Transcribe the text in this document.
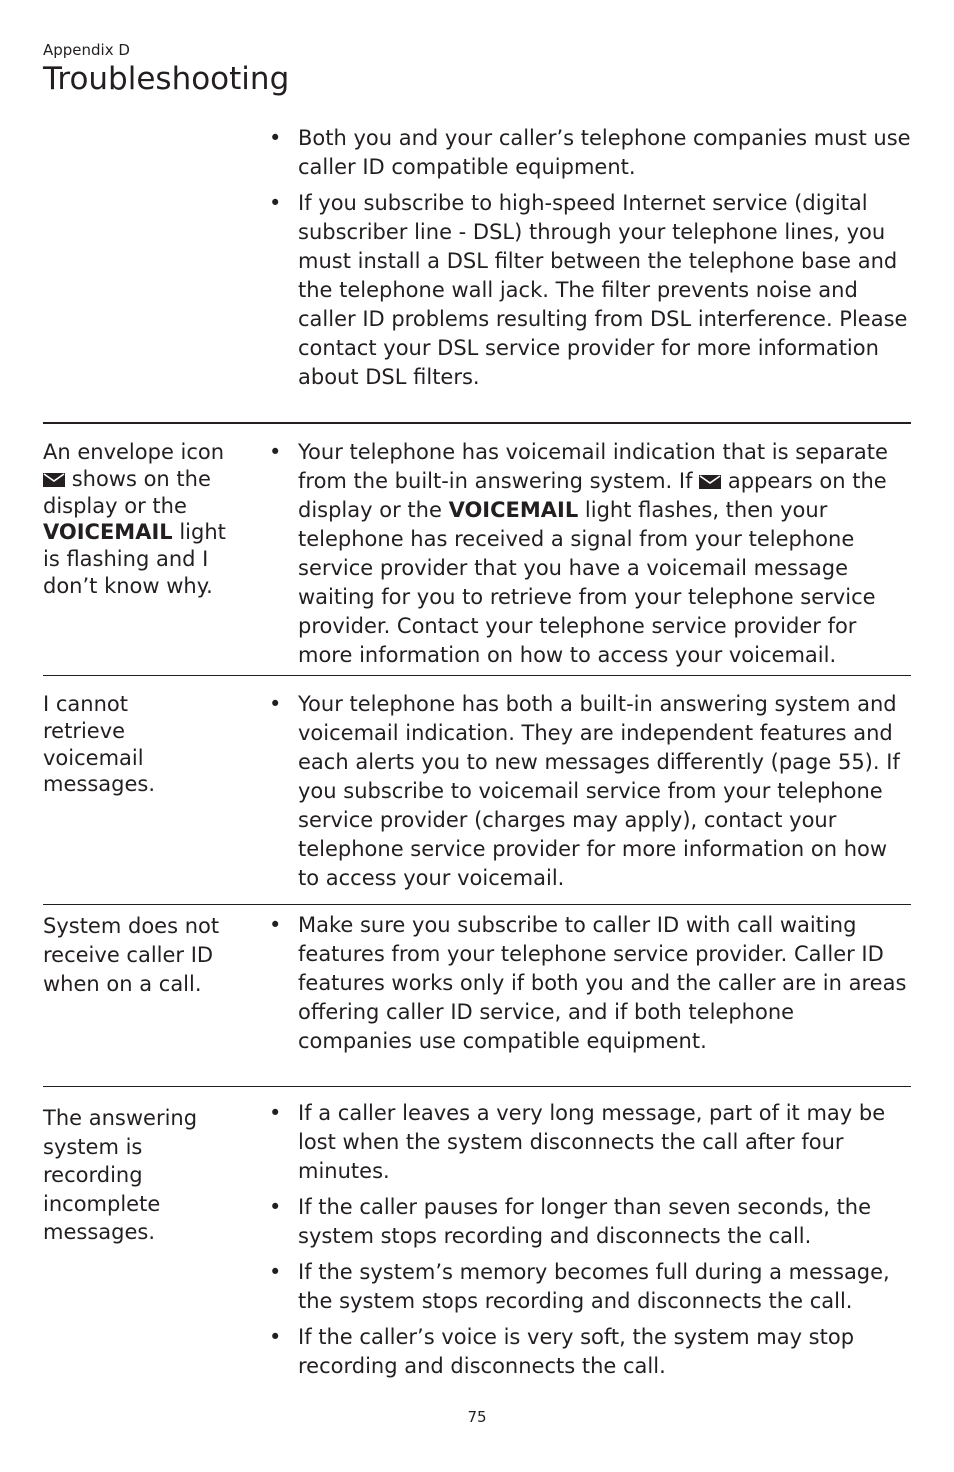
Appendix D
Troubleshooting
• Both you and your caller’s telephone companies must use caller ID compatible equipment.
• If you subscribe to high-speed Internet service (digital subscriber line - DSL) through your telephone lines, you must install a DSL filter between the telephone base and the telephone wall jack. The filter prevents noise and caller ID problems resulting from DSL interference. Please contact your DSL service provider for more information about DSL filters.
An envelope icon  shows on the display or the VOICEMAIL light is flashing and I don’t know why.
• Your telephone has voicemail indication that is separate from the built-in answering system. If appears on the display or the VOICEMAIL light flashes, then your telephone has received a signal from your telephone service provider that you have a voicemail message waiting for you to retrieve from your telephone service provider. Contact your telephone service provider for more information on how to access your voicemail.
I cannot retrieve voicemail messages.
• Your telephone has both a built-in answering system and voicemail indication. They are independent features and each alerts you to new messages differently (page 55). If you subscribe to voicemail service from your telephone service provider (charges may apply), contact your telephone service provider for more information on how to access your voicemail.
System does not receive caller ID when on a call.
• Make sure you subscribe to caller ID with call waiting features from your telephone service provider. Caller ID features works only if both you and the caller are in areas offering caller ID service, and if both telephone companies use compatible equipment.
The answering system is recording incomplete messages.
• If a caller leaves a very long message, part of it may be lost when the system disconnects the call after four minutes.
• If the caller pauses for longer than seven seconds, the system stops recording and disconnects the call.
• If the system’s memory becomes full during a message, the system stops recording and disconnects the call.
• If the caller’s voice is very soft, the system may stop recording and disconnects the call.
75
